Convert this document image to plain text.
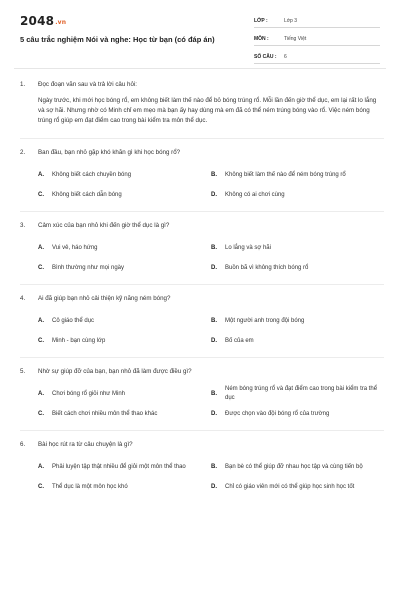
2048.vn
5 câu trắc nghiệm Nói và nghe: Học từ bạn (có đáp án)
LỚP :	Lớp 3
MÔN :	Tiếng Việt
SỐ CÂU :	6
1.	Đọc đoạn văn sau và trả lời câu hỏi:
Ngày trước, khi mới học bóng rổ, em không biết làm thế nào để bỏ bóng trúng rổ. Mỗi lần đến giờ thể dục, em lại rất lo lắng và sợ hãi. Nhưng nhờ có Minh chỉ em mẹo mà bạn ấy hay dùng mà em đã có thể ném trúng bóng vào rổ. Việc ném bóng trúng rổ giúp em đạt điểm cao trong bài kiểm tra môn thể dục.
2.	Ban đầu, bạn nhỏ gặp khó khăn gì khi học bóng rổ?
A.	Không biết cách chuyền bóng	B.	Không biết làm thế nào để ném bóng trúng rổ
C.	Không biết cách dẫn bóng	D.	Không có ai chơi cùng
3.	Cảm xúc của bạn nhỏ khi đến giờ thể dục là gì?
A.	Vui vẻ, háo hứng	B.	Lo lắng và sợ hãi
C.	Bình thường như mọi ngày	D.	Buồn bã vì không thích bóng rổ
4.	Ai đã giúp bạn nhỏ cải thiện kỹ năng ném bóng?
A.	Cô giáo thể dục	B.	Một người anh trong đội bóng
C.	Minh - bạn cùng lớp	D.	Bố của em
5.	Nhờ sự giúp đỡ của bạn, bạn nhỏ đã làm được điều gì?
A.	Chơi bóng rổ giỏi như Minh	B.
Ném bóng trúng rổ và đạt điểm cao trong bài kiểm tra thể dục
C.	Biết cách chơi nhiều môn thể thao khác	D.	Được chọn vào đội bóng rổ của trường
6.	Bài học rút ra từ câu chuyện là gì?
A.	Phải luyện tập thật nhiều để giỏi một môn thể thao	B.	Bạn bè có thể giúp đỡ nhau học tập và cùng tiến bộ
C.	Thể dục là một môn học khó	D.	Chỉ có giáo viên mới có thể giúp học sinh học tốt
